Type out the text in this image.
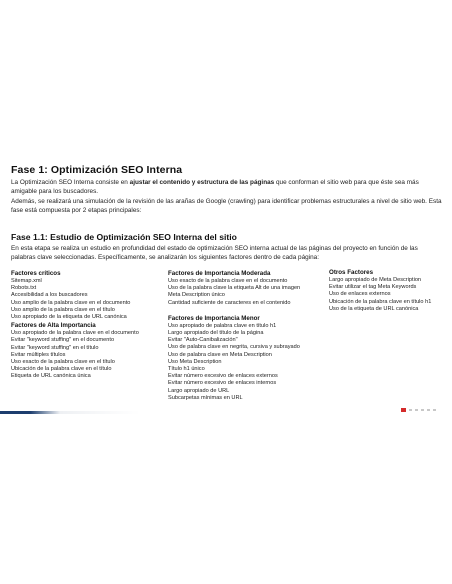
Fase 1: Optimización SEO Interna
La Optimización SEO Interna consiste en ajustar el contenido y estructura de las páginas que conforman el sitio web para que éste sea más amigable para los buscadores.
Además, se realizará una simulación de la revisión de las arañas de Google (crawling) para identificar problemas estructurales a nivel de sitio web. Esta fase está compuesta por 2 etapas principales:
Fase 1.1: Estudio de Optimización SEO Interna del sitio
En esta etapa se realiza un estudio en profundidad del estado de optimización SEO interna actual de las páginas del proyecto en función de las palabras clave seleccionadas. Específicamente, se analizarán los siguientes factores dentro de cada página:
Factores críticos
Sitemap.xml
Robots.txt
Accesibilidad a los buscadores
Uso amplio de la palabra clave en el documento
Uso amplio de la palabra clave en el título
Uso apropiado de la etiqueta de URL canónica
Factores de Alta Importancia
Uso apropiado de la palabra clave en el documento
Evitar "keyword stuffing" en el documento
Evitar "keyword stuffing" en el título
Evitar múltiples títulos
Uso exacto de la palabra clave en el título
Ubicación de la palabra clave en el título
Etiqueta de URL canónica única
Factores de Importancia Moderada
Uso exacto de la palabra clave en el documento
Uso de la palabra clave la etiqueta Alt de una imagen
Meta Description único
Cantidad suficiente de caracteres en el contenido
Factores de Importancia Menor
Uso apropiado de palabra clave en título h1
Largo apropiado del título de la página
Evitar "Auto-Canibalización"
Uso de palabra clave en negrita, cursiva y subrayado
Uso de palabra clave en Meta Description
Uso Meta Description
Título h1 único
Evitar número excesivo de enlaces externos
Evitar número excesivo de enlaces internos
Largo apropiado de URL
Subcarpetas mínimas en URL
Otros Factores
Largo apropiado de Meta Description
Evitar utilizar el tag Meta Keywords
Uso de enlaces externos
Ubicación de la palabra clave en título h1
Uso de la etiqueta de URL canónica
